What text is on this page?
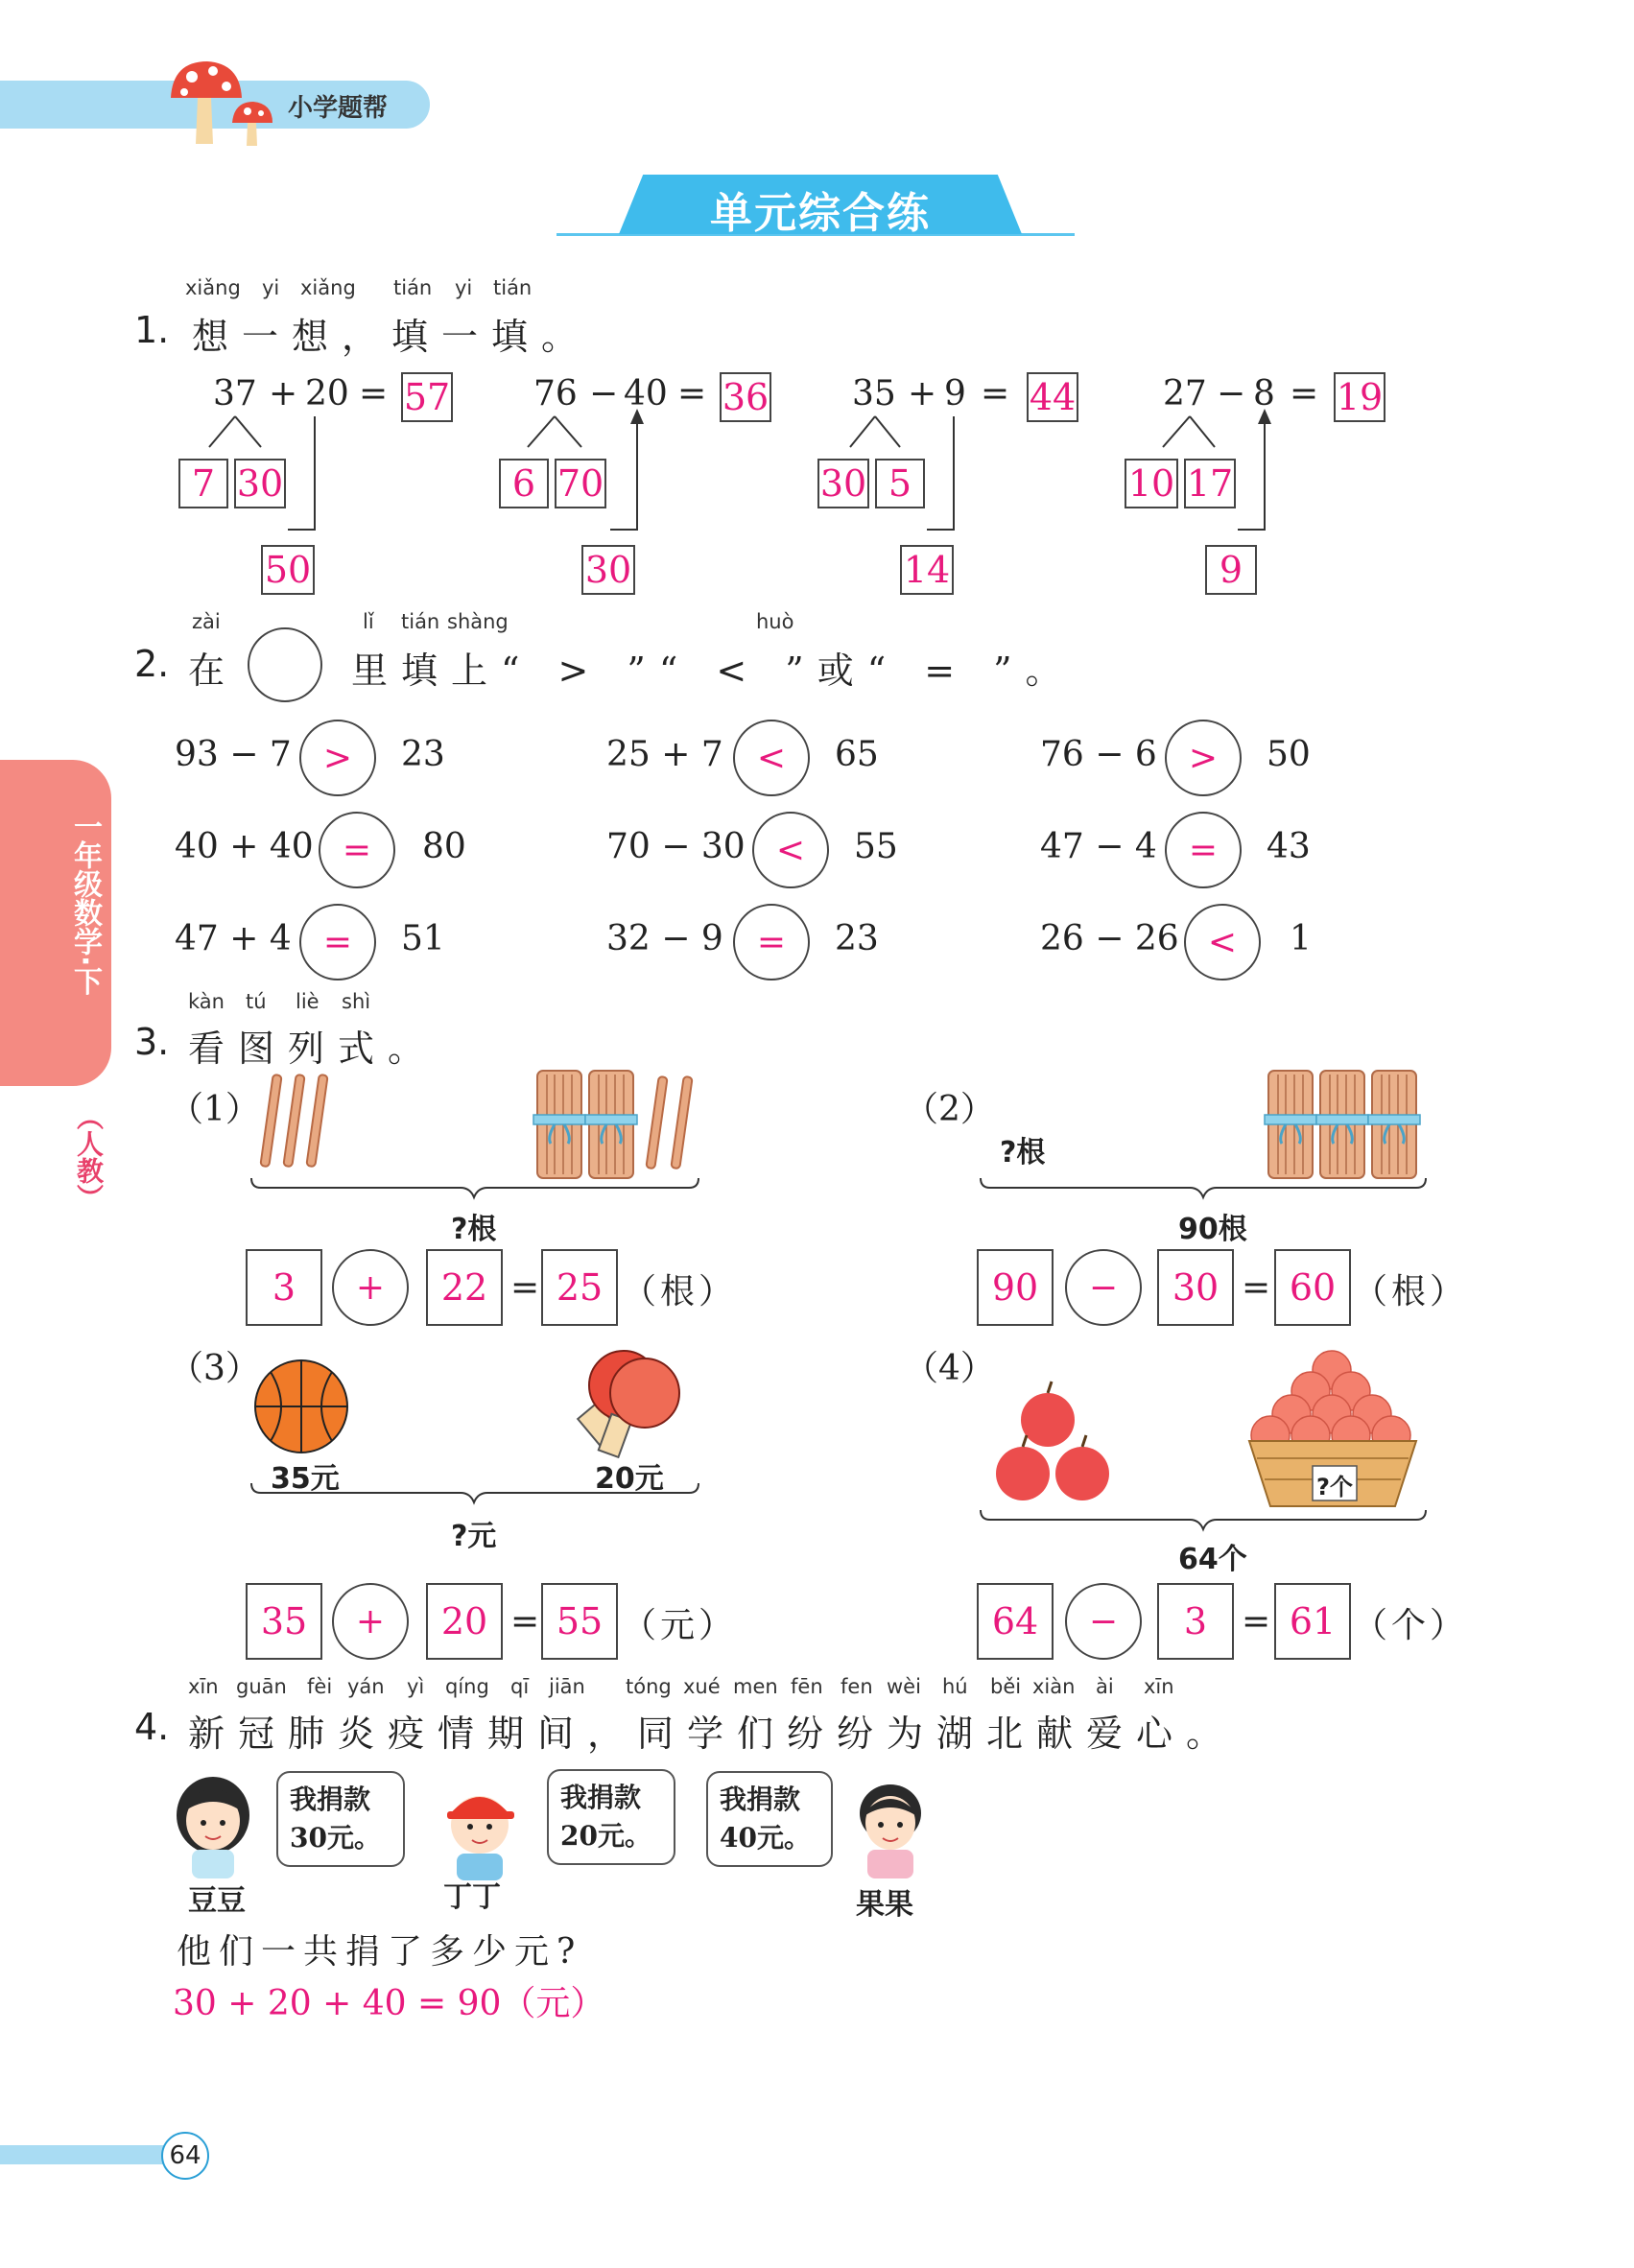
小学题帮
单元综合练
一年级数学·下
（人教）
xiǎng yi xiǎng tián yi tián
1. 想一想，填一填。
37 + 20 = 57
7 30
50
76 − 40 = 36
6 70
30
35 + 9 = 44
30 5
14
27 − 8 = 19
10 17
9
zài	lǐ tián shàng	huò
2. 在	里填上“ > ”“ < ”或“ = ”。
93 − 7 >	23	25 + 7 <	65	76 − 6 >	50
40 + 40 =	80	70 − 30 <	55	47 − 4 =	43
47 + 4 =	51	32 − 9 =	23	26 − 26 <	1
kàn tú liè shì
3. 看图列式。
（1）
?根
3	+	22 = 25 （根）
（2）
?根
90根
90	−	30 = 60 （根）
（3）
35元	20元
?元
35	+	20 = 55 （元）
（4）
?个
64个
64	−	3 = 61 （个）
xīn guān fèi yán yì qíng qī jiān tóng xué men fēn fen wèi hú běi xiàn ài xīn
4. 新冠肺炎疫情期间，同学们纷纷为湖北献爱心。
我捐款
30元。
我捐款
20元。
我捐款
40元。
豆豆	丁丁	果果
他们一共捐了多少元?
30 + 20 + 40 = 90（元）
64
